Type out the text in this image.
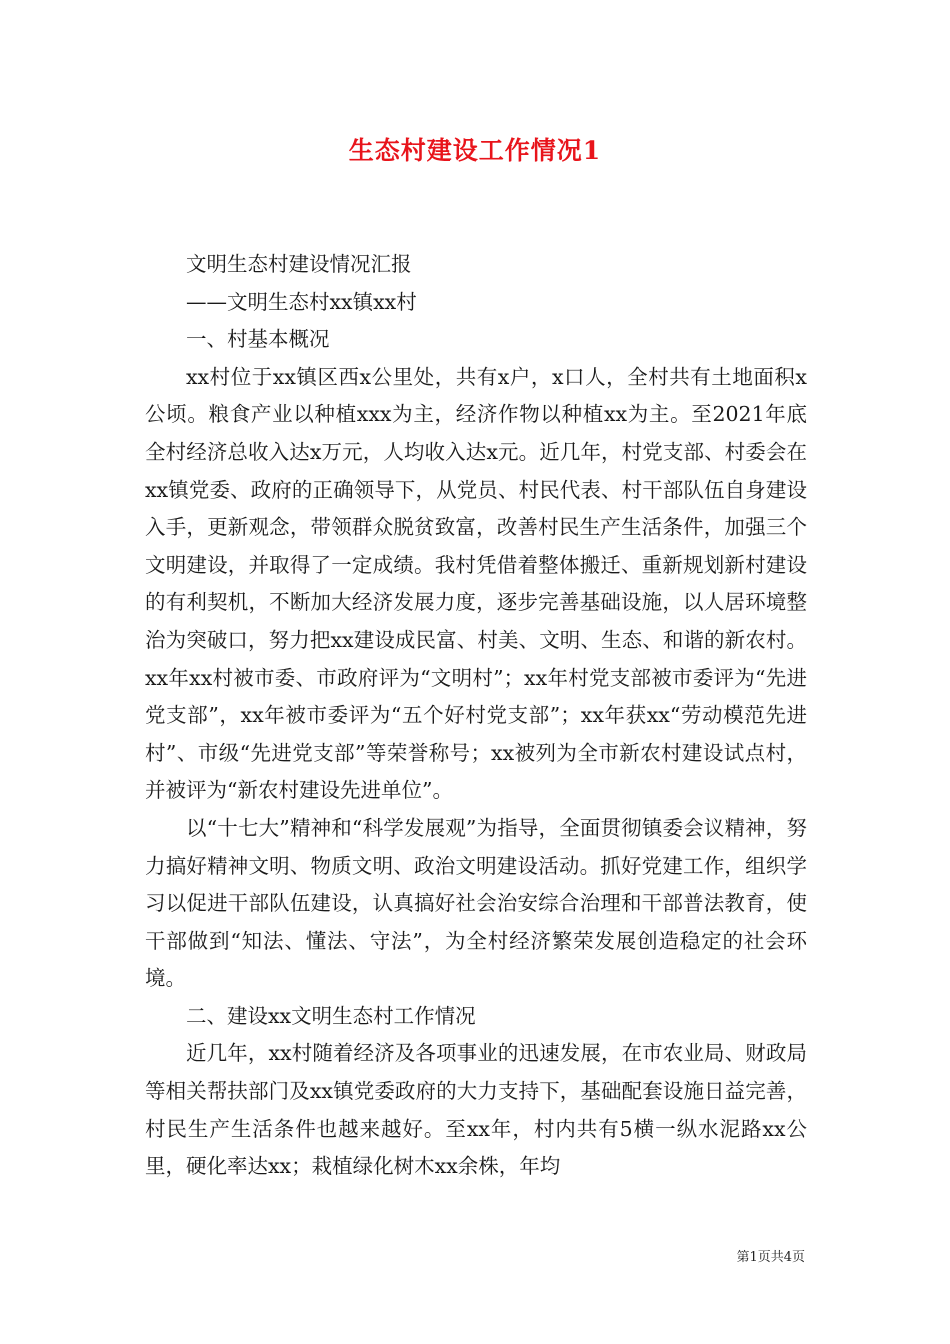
生态村建设工作情况1

文明生态村建设情况汇报

——文明生态村xx镇xx村

一、村基本概况

xx村位于xx镇区西x公里处，共有x户，x口人，全村共有土地面积x公顷。粮食产业以种植xxx为主，经济作物以种植xx为主。至2021年底全村经济总收入达x万元，人均收入达x元。近几年，村党支部、村委会在xx镇党委、政府的正确领导下，从党员、村民代表、村干部队伍自身建设入手，更新观念，带领群众脱贫致富，改善村民生产生活条件，加强三个文明建设，并取得了一定成绩。我村凭借着整体搬迁、重新规划新村建设的有利契机，不断加大经济发展力度，逐步完善基础设施，以人居环境整治为突破口，努力把xx建设成民富、村美、文明、生态、和谐的新农村。xx年xx村被市委、市政府评为“文明村”；xx年村党支部被市委评为“先进党支部”，xx年被市委评为“五个好村党支部”；xx年获xx“劳动模范先进村”、市级“先进党支部”等荣誉称号；xx被列为全市新农村建设试点村，并被评为“新农村建设先进单位”。

以“十七大”精神和“科学发展观”为指导，全面贯彻镇委会议精神，努力搞好精神文明、物质文明、政治文明建设活动。抓好党建工作，组织学习以促进干部队伍建设，认真搞好社会治安综合治理和干部普法教育，使干部做到“知法、懂法、守法”，为全村经济繁荣发展创造稳定的社会环境。

二、建设xx文明生态村工作情况

近几年，xx村随着经济及各项事业的迅速发展，在市农业局、财政局等相关帮扶部门及xx镇党委政府的大力支持下，基础配套设施日益完善，村民生产生活条件也越来越好。至xx年，村内共有5横一纵水泥路xx公里，硬化率达xx；栽植绿化树木xx余株，年均

第1页共4页
